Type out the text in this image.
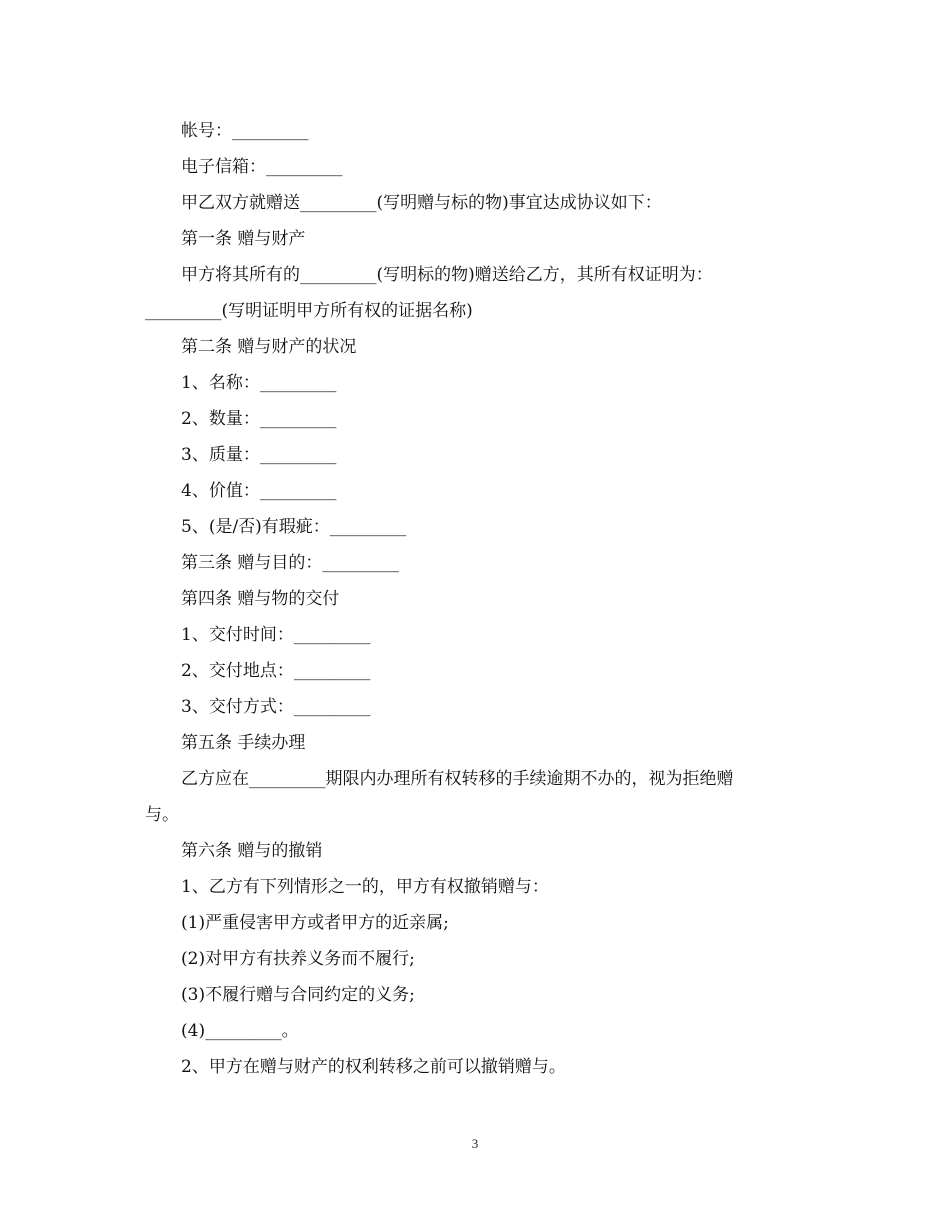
帐号：_________
电子信箱：_________
甲乙双方就赠送_________(写明赠与标的物)事宜达成协议如下：
第一条 赠与财产
甲方将其所有的_________(写明标的物)赠送给乙方，其所有权证明为：
_________(写明证明甲方所有权的证据名称)
第二条 赠与财产的状况
1、名称：_________
2、数量：_________
3、质量：_________
4、价值：_________
5、(是/否)有瑕疵：_________
第三条 赠与目的：_________
第四条 赠与物的交付
1、交付时间：_________
2、交付地点：_________
3、交付方式：_________
第五条 手续办理
乙方应在_________期限内办理所有权转移的手续逾期不办的，视为拒绝赠
与。
第六条 赠与的撤销
1、乙方有下列情形之一的，甲方有权撤销赠与：
(1)严重侵害甲方或者甲方的近亲属;
(2)对甲方有扶养义务而不履行;
(3)不履行赠与合同约定的义务;
(4)_________。
2、甲方在赠与财产的权利转移之前可以撤销赠与。
3
